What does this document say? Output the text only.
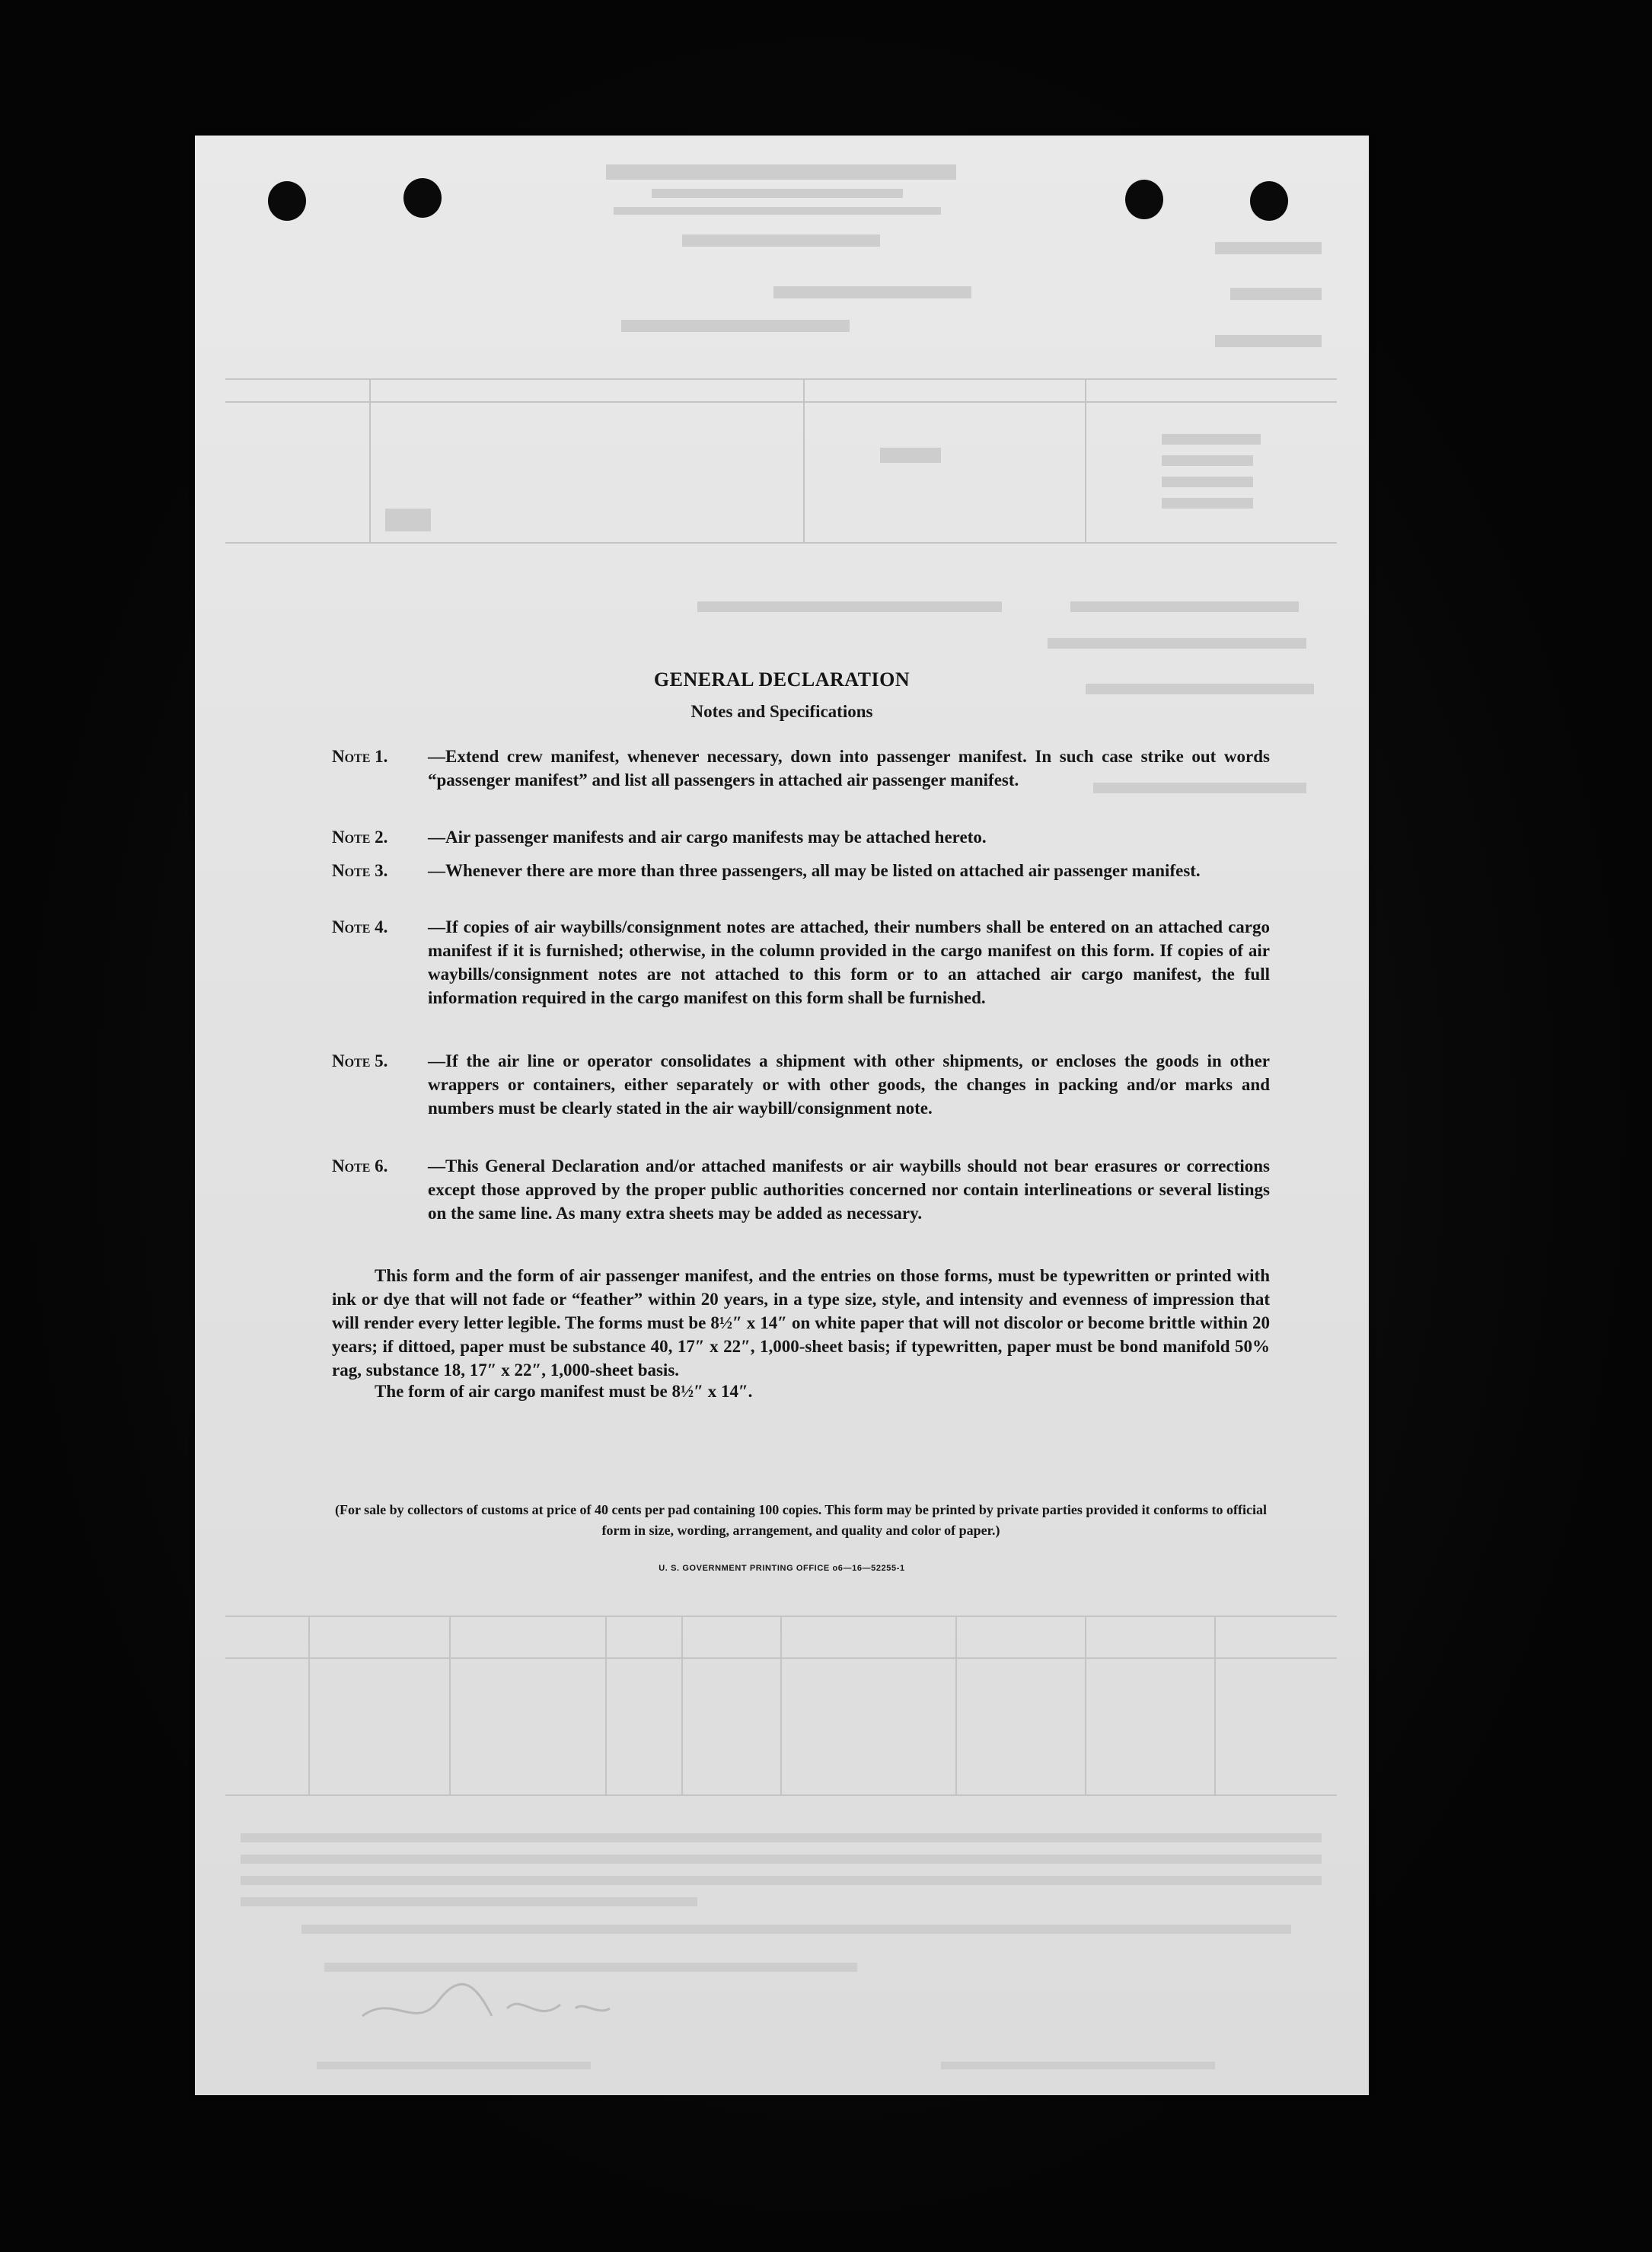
GENERAL DECLARATION
Notes and Specifications
Note 1.	—Extend crew manifest, whenever necessary, down into passenger manifest. In such case strike out words “passenger manifest” and list all passengers in attached air passenger manifest.
Note 2.	—Air passenger manifests and air cargo manifests may be attached hereto.
Note 3.	—Whenever there are more than three passengers, all may be listed on attached air passenger manifest.
Note 4.	—If copies of air waybills/consignment notes are attached, their numbers shall be entered on an attached cargo manifest if it is furnished; otherwise, in the column provided in the cargo manifest on this form. If copies of air waybills/consignment notes are not attached to this form or to an attached air cargo manifest, the full information required in the cargo manifest on this form shall be furnished.
Note 5.	—If the air line or operator consolidates a shipment with other shipments, or encloses the goods in other wrappers or containers, either separately or with other goods, the changes in packing and/or marks and numbers must be clearly stated in the air waybill/consignment note.
Note 6.	—This General Declaration and/or attached manifests or air waybills should not bear erasures or corrections except those approved by the proper public authorities concerned nor contain interlineations or several listings on the same line. As many extra sheets may be added as necessary.
This form and the form of air passenger manifest, and the entries on those forms, must be typewritten or printed with ink or dye that will not fade or “feather” within 20 years, in a type size, style, and intensity and evenness of impression that will render every letter legible. The forms must be 8½″ x 14″ on white paper that will not discolor or become brittle within 20 years; if dittoed, paper must be substance 40, 17″ x 22″, 1,000-sheet basis; if typewritten, paper must be bond manifold 50% rag, substance 18, 17″ x 22″, 1,000-sheet basis.
The form of air cargo manifest must be 8½″ x 14″.
(For sale by collectors of customs at price of 40 cents per pad containing 100 copies. This form may be printed by private parties provided it conforms to official form in size, wording, arrangement, and quality and color of paper.)
U. S. GOVERNMENT PRINTING OFFICE o6—16—52255-1
